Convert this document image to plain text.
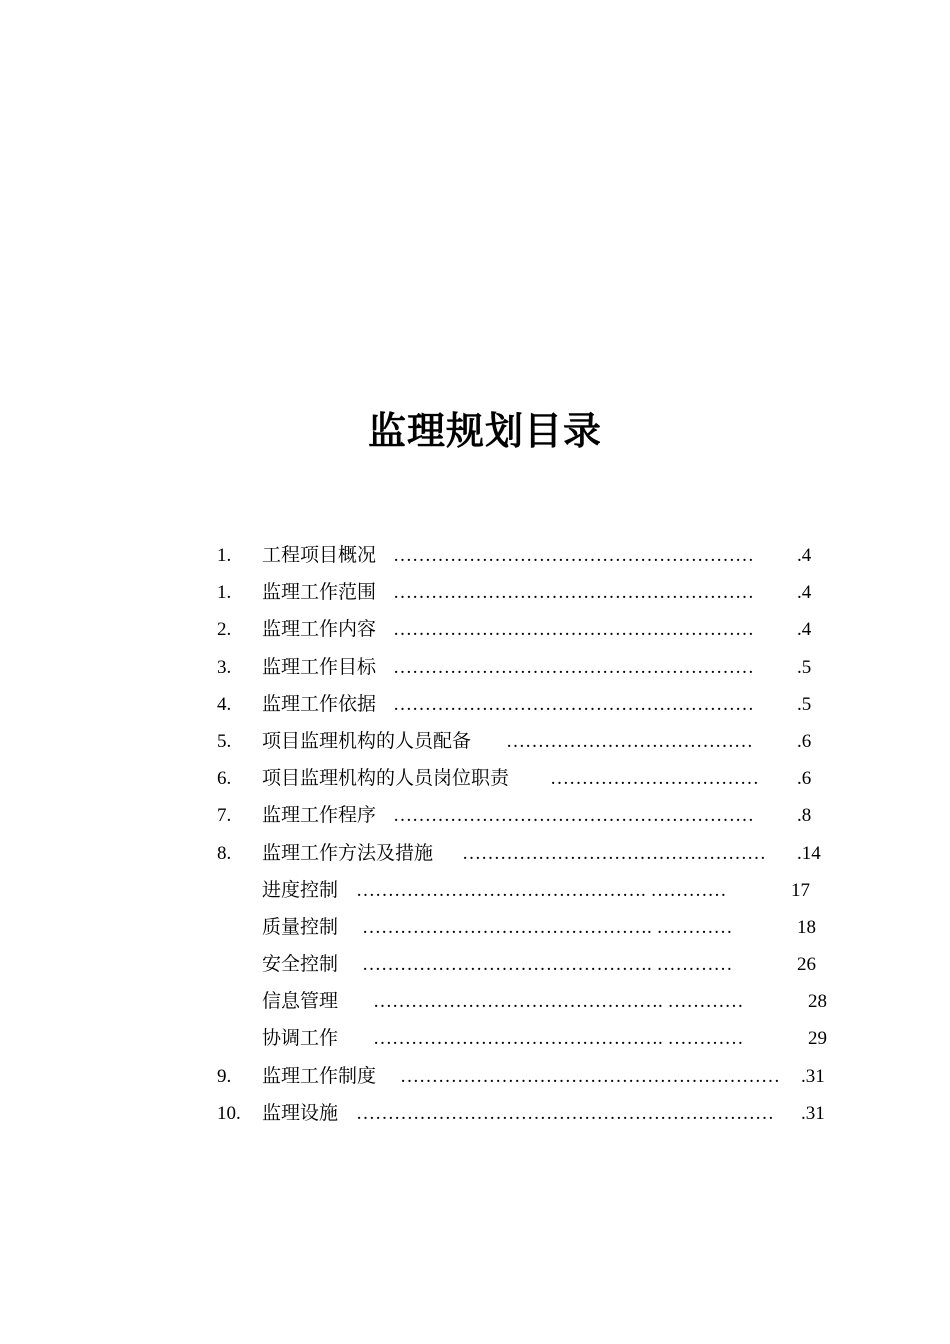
监理规划目录
1. 工程项目概况 ………………………………………………… .4
1. 监理工作范围 ………………………………………………… .4
2. 监理工作内容 ………………………………………………… .4
3. 监理工作目标 ………………………………………………… .5
4. 监理工作依据 ………………………………………………… .5
5. 项目监理机构的人员配备 ………………………………… .6
6. 项目监理机构的人员岗位职责 …………………………… .6
7. 监理工作程序 ………………………………………………… .8
8. 监理工作方法及措施 ………………………………………… .14
进度控制 ………………………………………. …………	17
质量控制 ………………………………………. …………	18
安全控制 ………………………………………. …………	26
信息管理 ………………………………………. …………	28
协调工作 ………………………………………. …………	29
9. 监理工作制度 …………………………………………………… .31
10. 监理设施 ………………………………………………………… .31
